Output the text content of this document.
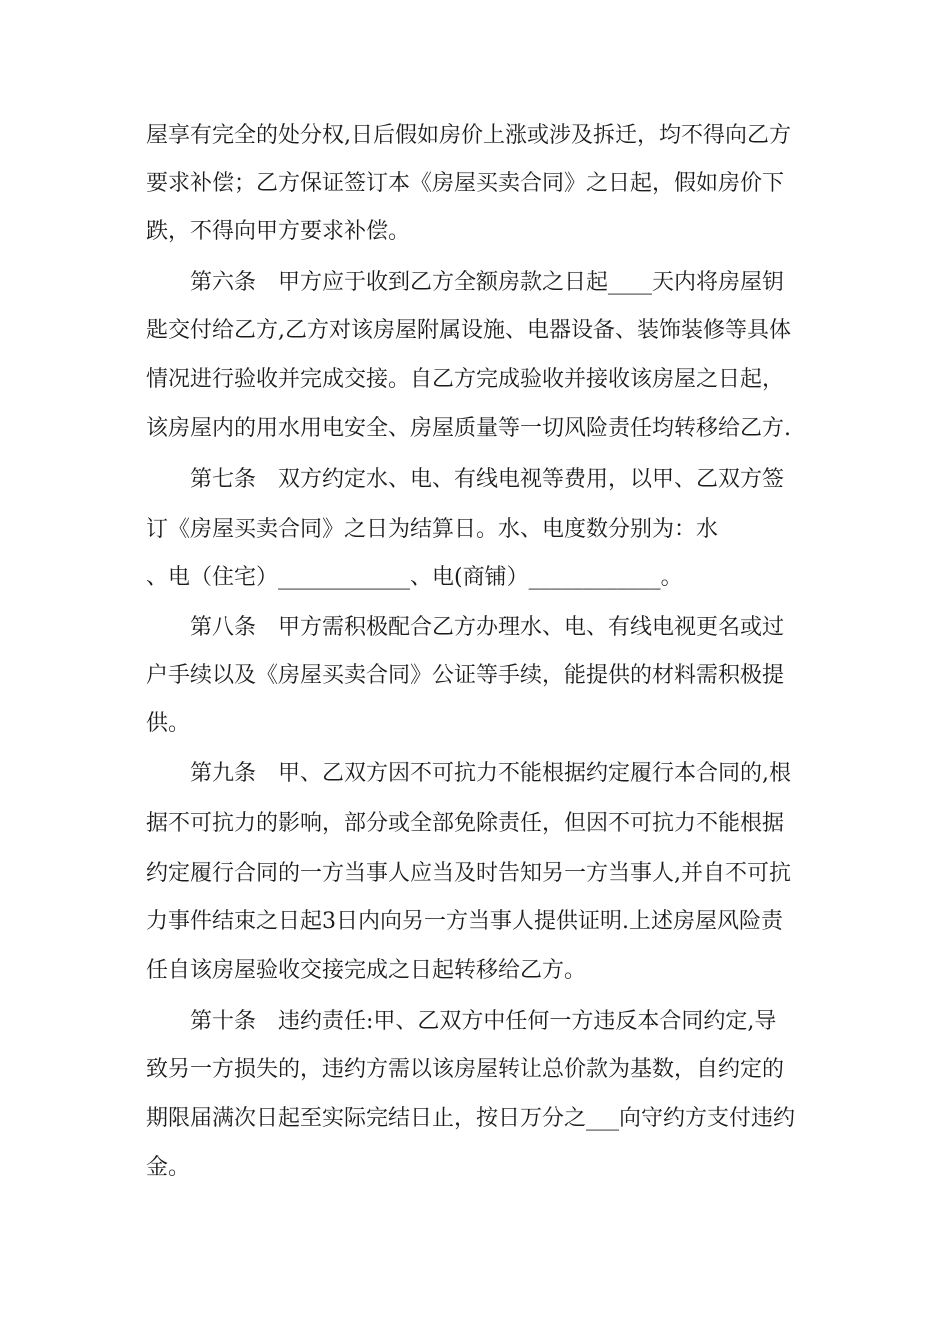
屋享有完全的处分权,日后假如房价上涨或涉及拆迁，均不得向乙方
要求补偿；乙方保证签订本《房屋买卖合同》之日起，假如房价下
跌，不得向甲方要求补偿。
第六条　甲方应于收到乙方全额房款之日起____天内将房屋钥
匙交付给乙方,乙方对该房屋附属设施、电器设备、装饰装修等具体
情况进行验收并完成交接。自乙方完成验收并接收该房屋之日起，
该房屋内的用水用电安全、房屋质量等一切风险责任均转移给乙方.
第七条　双方约定水、电、有线电视等费用，以甲、乙双方签
订《房屋买卖合同》之日为结算日。水、电度数分别为：水
、电（住宅）____________、电(商铺）____________。
第八条　甲方需积极配合乙方办理水、电、有线电视更名或过
户手续以及《房屋买卖合同》公证等手续，能提供的材料需积极提
供。
第九条　甲、乙双方因不可抗力不能根据约定履行本合同的,根
据不可抗力的影响，部分或全部免除责任，但因不可抗力不能根据
约定履行合同的一方当事人应当及时告知另一方当事人,并自不可抗
力事件结束之日起3日内向另一方当事人提供证明.上述房屋风险责
任自该房屋验收交接完成之日起转移给乙方。
第十条　违约责任:甲、乙双方中任何一方违反本合同约定,导
致另一方损失的，违约方需以该房屋转让总价款为基数，自约定的
期限届满次日起至实际完结日止，按日万分之___向守约方支付违约
金。
